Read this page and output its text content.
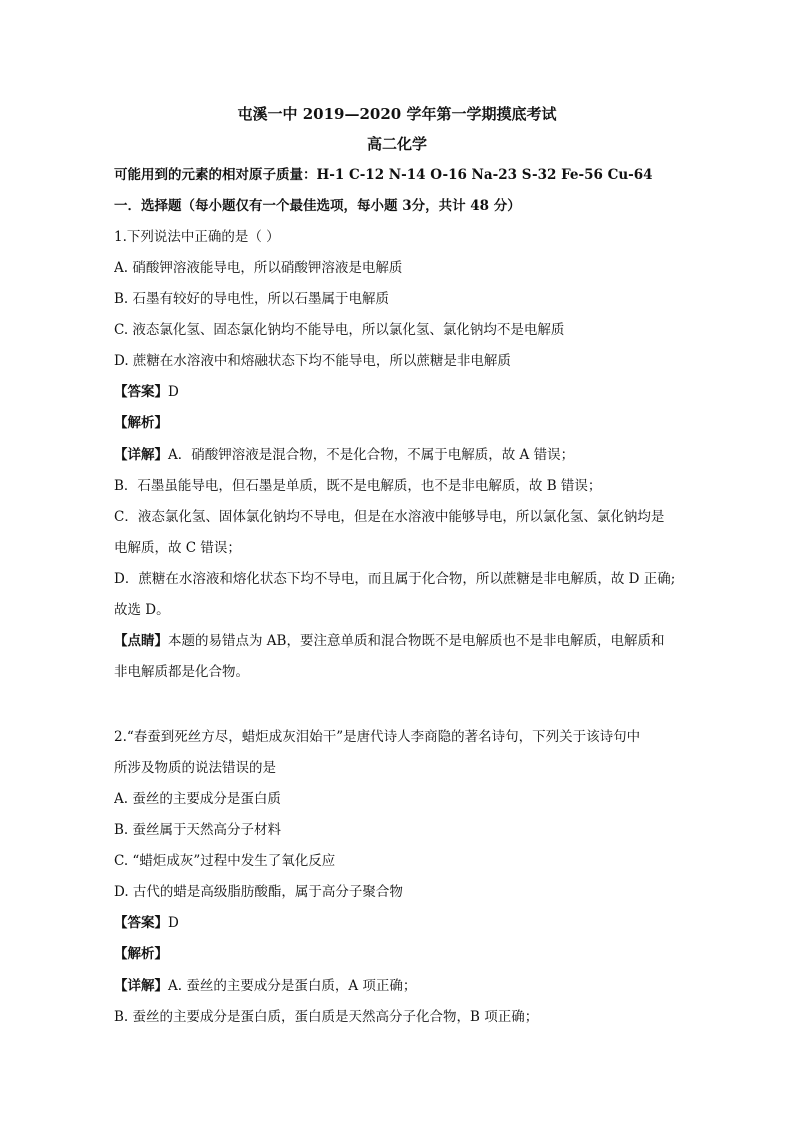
屯溪一中 2019—2020 学年第一学期摸底考试
高二化学
可能用到的元素的相对原子质量：H-1 C-12 N-14 O-16 Na-23 S-32 Fe-56 Cu-64
一．选择题（每小题仅有一个最佳选项，每小题 3分，共计 48 分）
1.下列说法中正确的是（ ）
A. 硝酸钾溶液能导电，所以硝酸钾溶液是电解质
B. 石墨有较好的导电性，所以石墨属于电解质
C. 液态氯化氢、固态氯化钠均不能导电，所以氯化氢、氯化钠均不是电解质
D. 蔗糖在水溶液中和熔融状态下均不能导电，所以蔗糖是非电解质
【答案】D
【解析】
【详解】A．硝酸钾溶液是混合物，不是化合物，不属于电解质，故 A 错误；
B．石墨虽能导电，但石墨是单质，既不是电解质，也不是非电解质，故 B 错误；
C．液态氯化氢、固体氯化钠均不导电，但是在水溶液中能够导电，所以氯化氢、氯化钠均是
电解质，故 C 错误；
D．蔗糖在水溶液和熔化状态下均不导电，而且属于化合物，所以蔗糖是非电解质，故 D 正确;
故选 D。
【点睛】本题的易错点为 AB，要注意单质和混合物既不是电解质也不是非电解质，电解质和
非电解质都是化合物。
2.“春蚕到死丝方尽，蜡炬成灰泪始干”是唐代诗人李商隐的著名诗句，下列关于该诗句中
所涉及物质的说法错误的是
A. 蚕丝的主要成分是蛋白质
B. 蚕丝属于天然高分子材料
C. “蜡炬成灰”过程中发生了氧化反应
D. 古代的蜡是高级脂肪酸酯，属于高分子聚合物
【答案】D
【解析】
【详解】A. 蚕丝的主要成分是蛋白质，A 项正确；
B. 蚕丝的主要成分是蛋白质，蛋白质是天然高分子化合物，B 项正确；
